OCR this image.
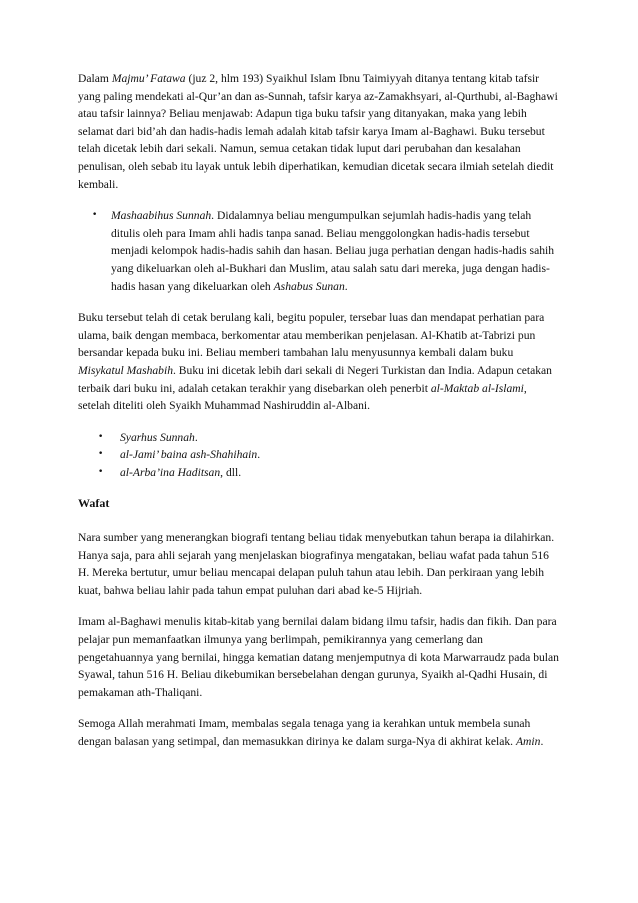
Dalam Majmu’ Fatawa (juz 2, hlm 193) Syaikhul Islam Ibnu Taimiyyah ditanya tentang kitab tafsir yang paling mendekati al-Qur’an dan as-Sunnah, tafsir karya az-Zamakhsyari, al-Qurthubi, al-Baghawi atau tafsir lainnya? Beliau menjawab: Adapun tiga buku tafsir yang ditanyakan, maka yang lebih selamat dari bid’ah dan hadis-hadis lemah adalah kitab tafsir karya Imam al-Baghawi. Buku tersebut telah dicetak lebih dari sekali. Namun, semua cetakan tidak luput dari perubahan dan kesalahan penulisan, oleh sebab itu layak untuk lebih diperhatikan, kemudian dicetak secara ilmiah setelah diedit kembali.

• Mashaabihus Sunnah. Didalamnya beliau mengumpulkan sejumlah hadis-hadis yang telah ditulis oleh para Imam ahli hadis tanpa sanad. Beliau menggolongkan hadis-hadis tersebut menjadi kelompok hadis-hadis sahih dan hasan. Beliau juga perhatian dengan hadis-hadis sahih yang dikeluarkan oleh al-Bukhari dan Muslim, atau salah satu dari mereka, juga dengan hadis-hadis hasan yang dikeluarkan oleh Ashabus Sunan.

Buku tersebut telah di cetak berulang kali, begitu populer, tersebar luas dan mendapat perhatian para ulama, baik dengan membaca, berkomentar atau memberikan penjelasan. Al-Khatib at-Tabrizi pun bersandar kepada buku ini. Beliau memberi tambahan lalu menyusunnya kembali dalam buku Misykatul Mashabih. Buku ini dicetak lebih dari sekali di Negeri Turkistan dan India. Adapun cetakan terbaik dari buku ini, adalah cetakan terakhir yang disebarkan oleh penerbit al-Maktab al-Islami, setelah diteliti oleh Syaikh Muhammad Nashiruddin al-Albani.

• Syarhus Sunnah.
• al-Jami’ baina ash-Shahihain.
• al-Arba’ina Haditsan, dll.
Wafat

Nara sumber yang menerangkan biografi tentang beliau tidak menyebutkan tahun berapa ia dilahirkan. Hanya saja, para ahli sejarah yang menjelaskan biografinya mengatakan, beliau wafat pada tahun 516 H. Mereka bertutur, umur beliau mencapai delapan puluh tahun atau lebih. Dan perkiraan yang lebih kuat, bahwa beliau lahir pada tahun empat puluhan dari abad ke-5 Hijriah.

Imam al-Baghawi menulis kitab-kitab yang bernilai dalam bidang ilmu tafsir, hadis dan fikih. Dan para pelajar pun memanfaatkan ilmunya yang berlimpah, pemikirannya yang cemerlang dan pengetahuannya yang bernilai, hingga kematian datang menjemputnya di kota Marwarraudz pada bulan Syawal, tahun 516 H. Beliau dikebumikan bersebelahan dengan gurunya, Syaikh al-Qadhi Husain, di pemakaman ath-Thaliqani.

Semoga Allah merahmati Imam, membalas segala tenaga yang ia kerahkan untuk membela sunah dengan balasan yang setimpal, dan memasukkan dirinya ke dalam surga-Nya di akhirat kelak. Amin.
